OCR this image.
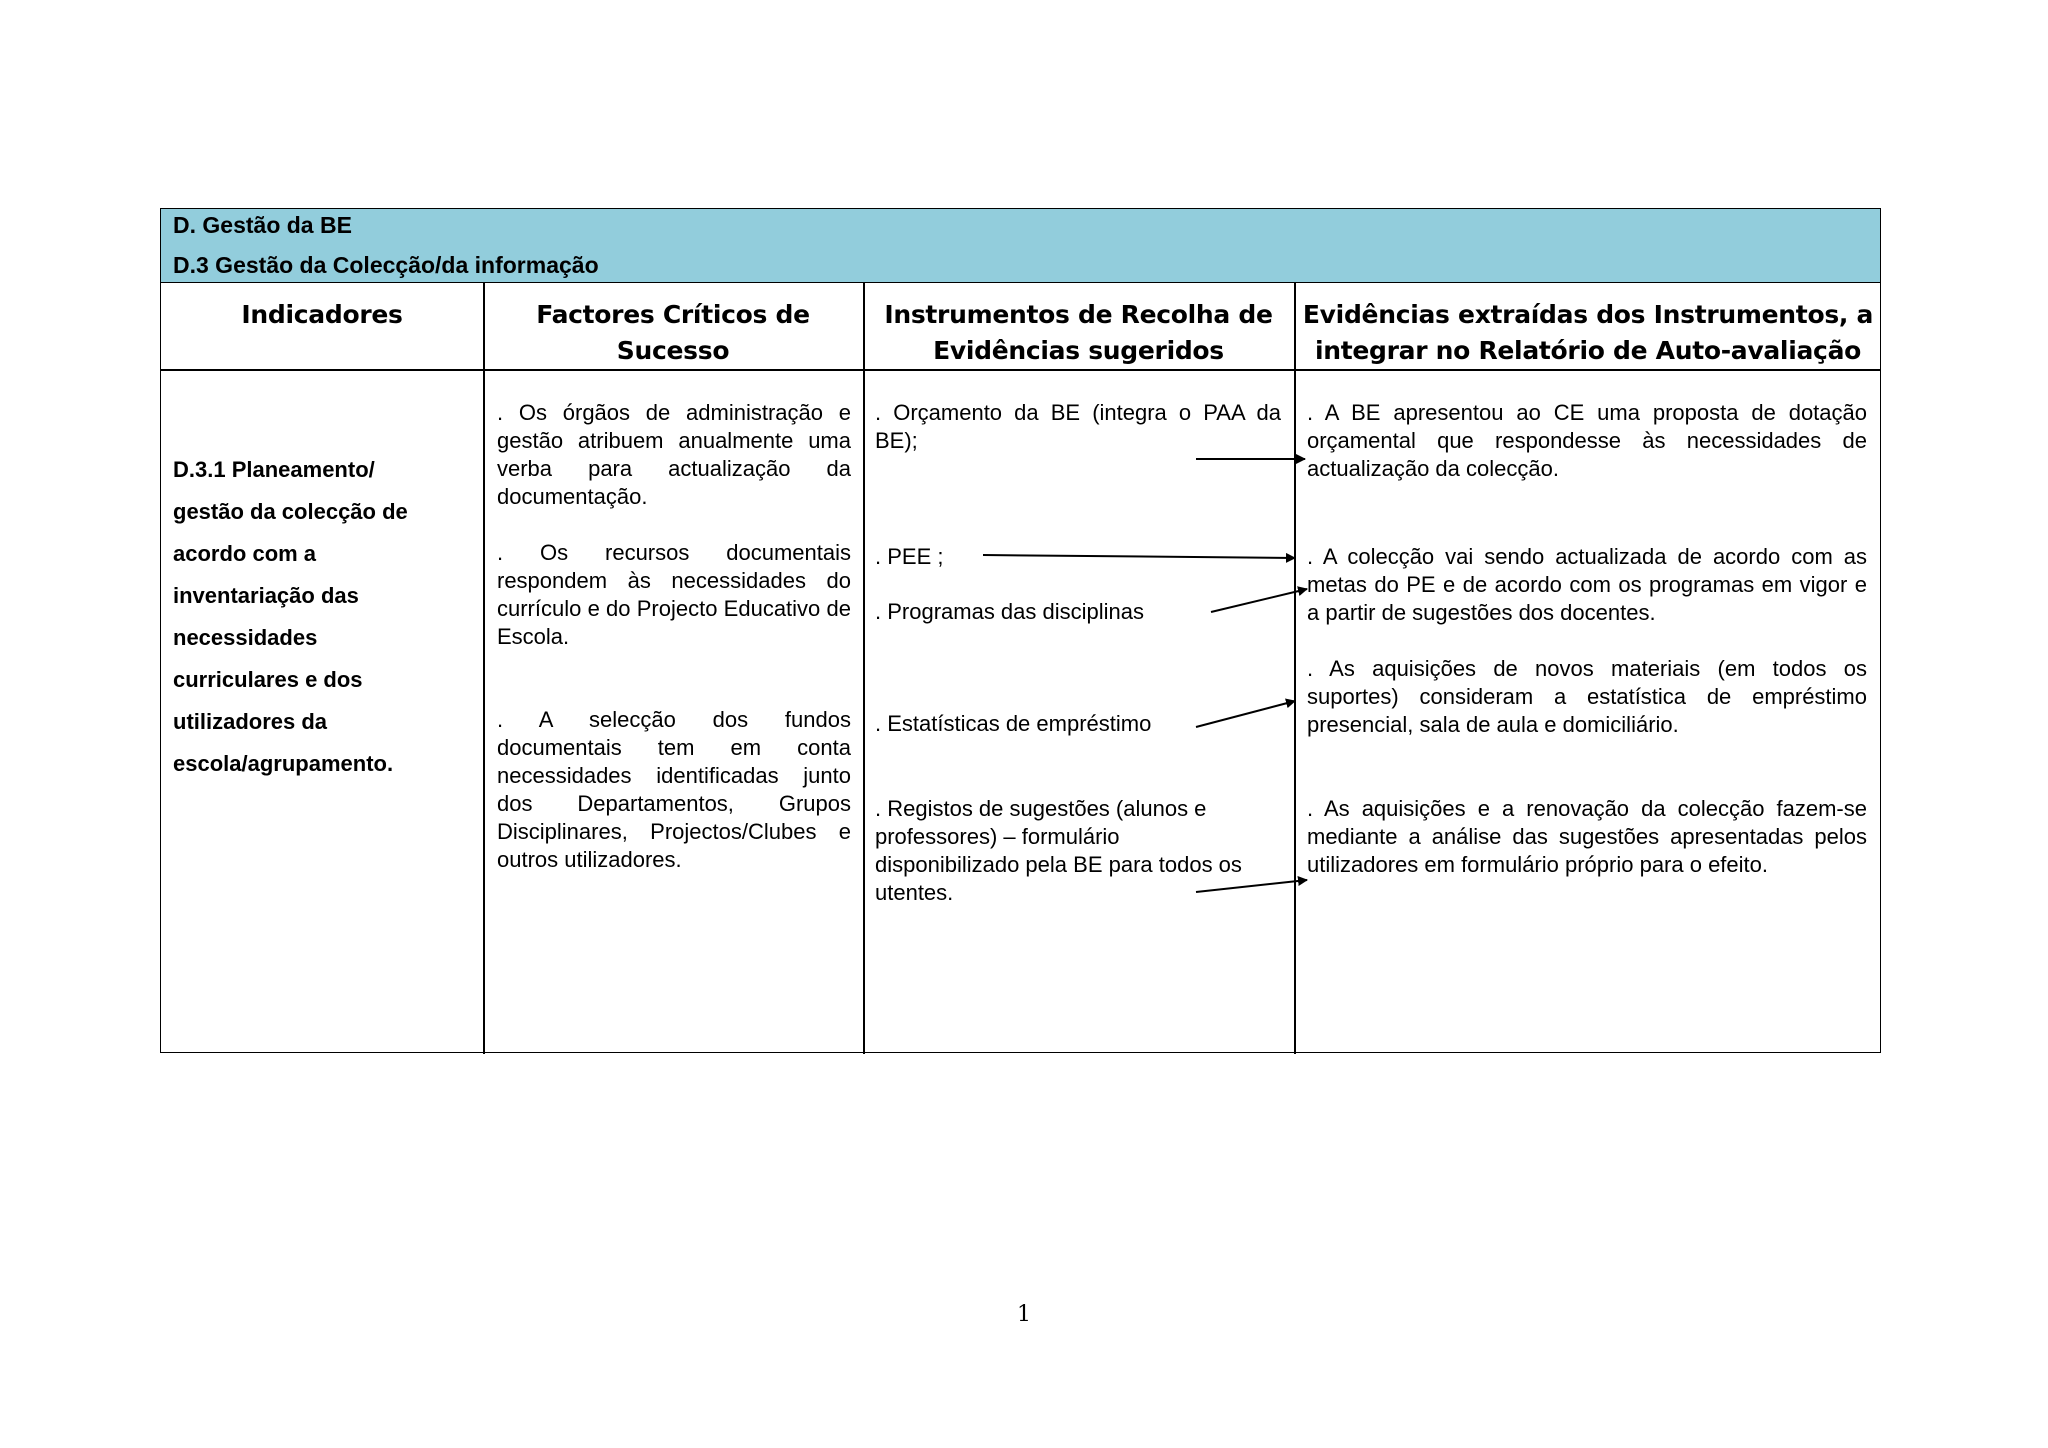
D. Gestão da BE
D.3 Gestão da Colecção/da informação
Indicadores	Factores Críticos de Sucesso
Instrumentos de Recolha de
Evidências sugeridos
Evidências extraídas dos Instrumentos, a
integrar no Relatório de Auto-avaliação
D.3.1 Planeamento/
gestão da colecção de
acordo com a
inventariação das
necessidades
curriculares e dos
utilizadores da
escola/agrupamento.
. Os órgãos de administração e gestão atribuem anualmente uma verba para actualização da documentação.
. Os recursos documentais respondem às necessidades do currículo e do Projecto Educativo de Escola.
. A selecção dos fundos documentais tem em conta necessidades identificadas junto dos Departamentos, Grupos Disciplinares, Projectos/Clubes e outros utilizadores.
. Orçamento da BE (integra o PAA da BE);
. PEE ;
. Programas das disciplinas
. Estatísticas de empréstimo
. Registos de sugestões (alunos e professores) – formulário disponibilizado pela BE para todos os utentes.
. A BE apresentou ao CE uma proposta de dotação orçamental que respondesse às necessidades de actualização da colecção.
. A colecção vai sendo actualizada de acordo com as metas do PE e de acordo com os programas em vigor e a partir de sugestões dos docentes.
. As aquisições de novos materiais (em todos os suportes) consideram a estatística de empréstimo presencial, sala de aula e domiciliário.
. As aquisições e a renovação da colecção fazem-se mediante a análise das sugestões apresentadas pelos utilizadores em formulário próprio para o efeito.
1
